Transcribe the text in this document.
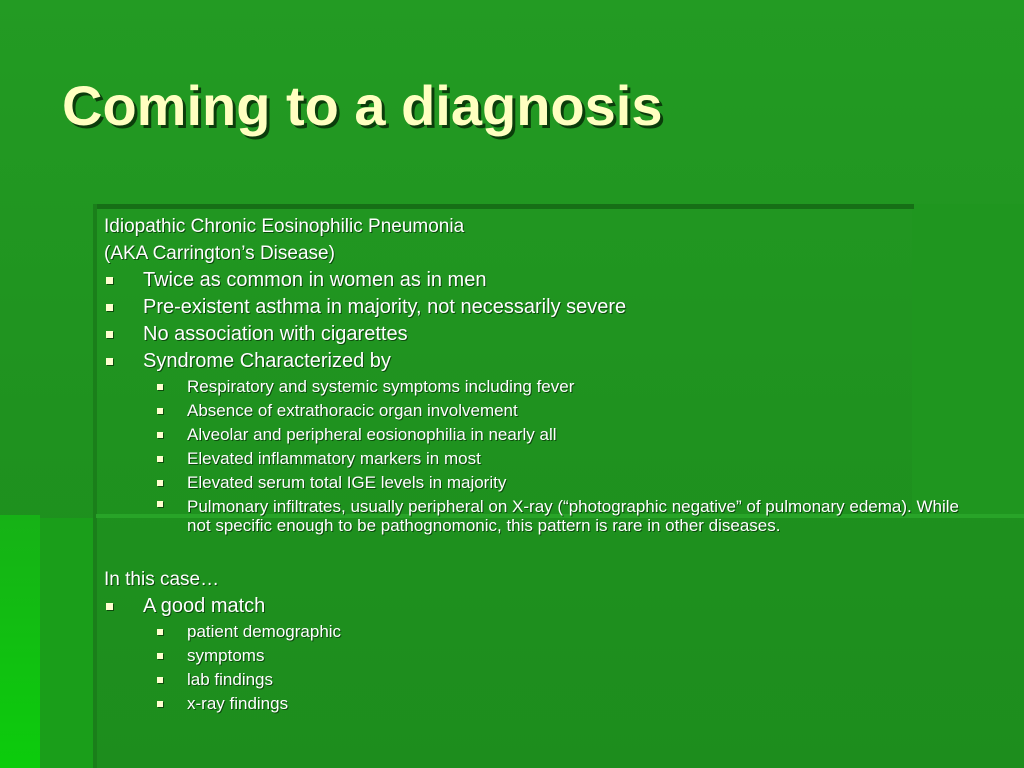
Coming to a diagnosis
Idiopathic Chronic Eosinophilic Pneumonia
(AKA Carrington’s Disease)
Twice as common in women as in men
Pre-existent asthma in majority, not necessarily severe
No association with cigarettes
Syndrome Characterized by
Respiratory and systemic symptoms including fever
Absence of extrathoracic organ involvement
Alveolar and peripheral eosionophilia in nearly all
Elevated inflammatory markers in most
Elevated serum total IGE levels in majority
Pulmonary infiltrates, usually peripheral on X-ray (“photographic negative” of pulmonary edema). While not specific enough to be pathognomonic, this pattern is rare in other diseases.
In this case…
A good match
patient demographic
symptoms
lab findings
x-ray findings
